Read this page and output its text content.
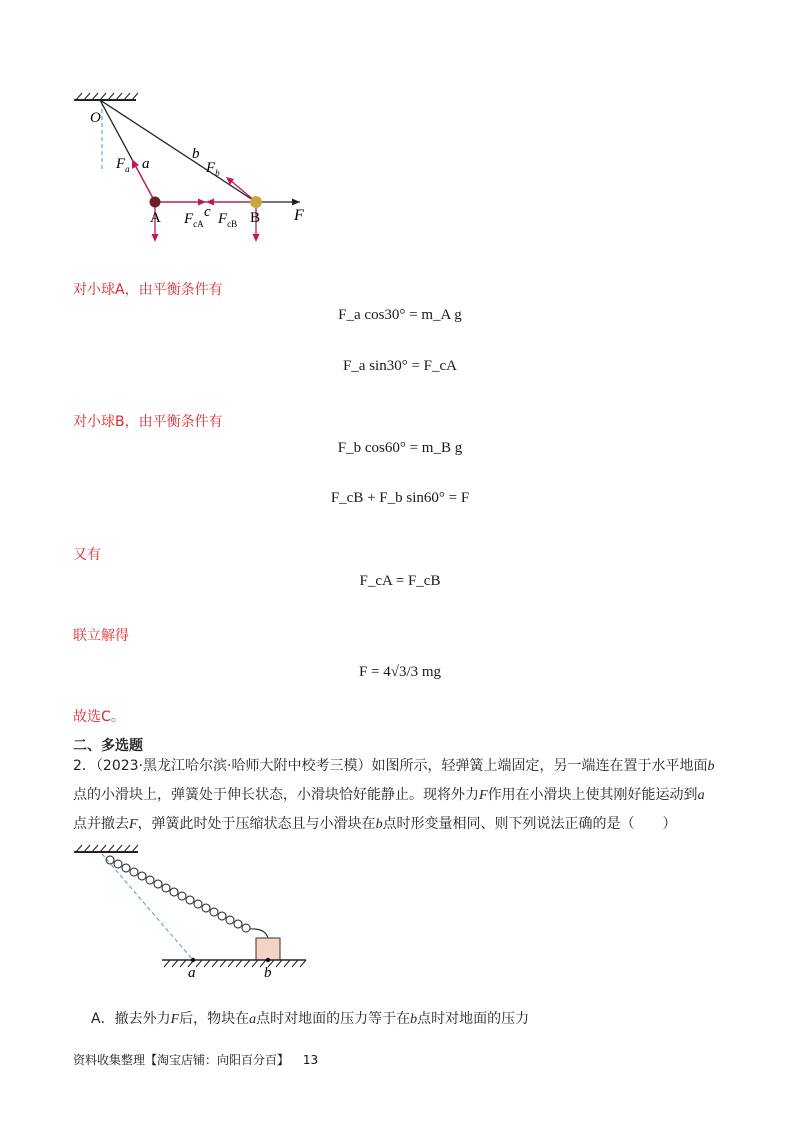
O
$F_a$ a
b
$F_b$
A	B
c
$F_{cA}$ $F_{cB}$	F
对小球A，由平衡条件有
F_a cos30° = m_A g
F_a sin30° = F_cA
对小球B，由平衡条件有
F_b cos60° = m_B g
F_cB + F_b sin60° = F
又有
F_cA = F_cB
联立解得
F = 4√3/3 mg
故选C。
二、多选题
2．（2023·黑龙江哈尔滨·哈师大附中校考三模）如图所示，轻弹簧上端固定，另一端连在置于水平地面b
点的小滑块上，弹簧处于伸长状态，小滑块恰好能静止。现将外力F作用在小滑块上使其刚好能运动到a
点并撤去F，弹簧此时处于压缩状态且与小滑块在b点时形变量相同、则下列说法正确的是（　　）
a	b
A．撤去外力F后，物块在a点时对地面的压力等于在b点时对地面的压力
资料收集整理【淘宝店铺：向阳百分百】 13
